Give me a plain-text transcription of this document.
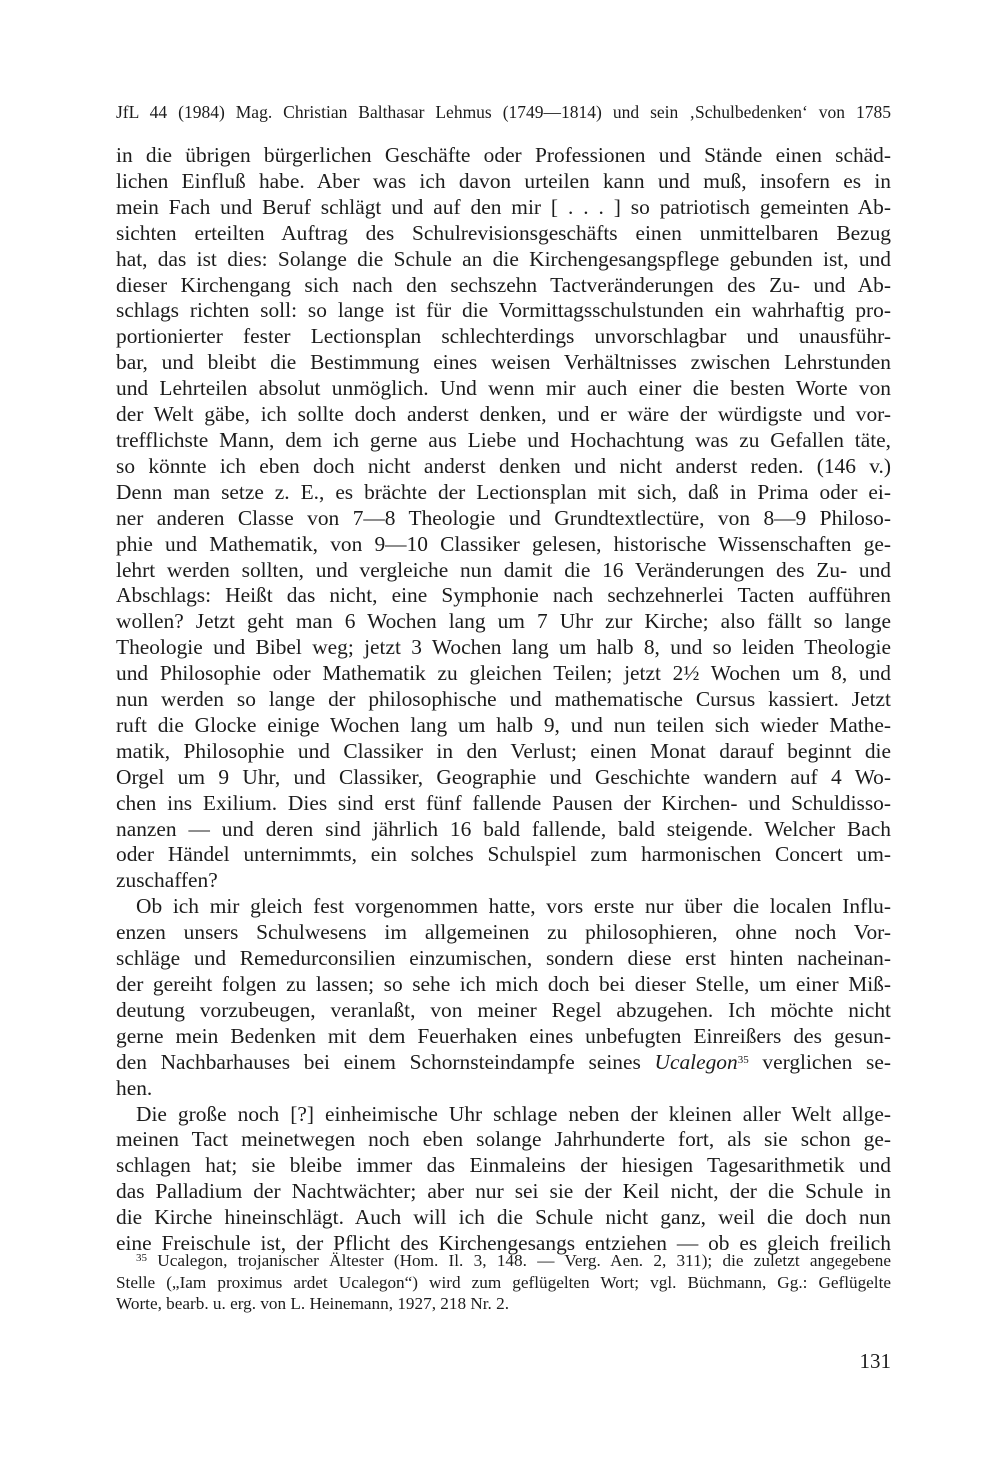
JfL 44 (1984) Mag. Christian Balthasar Lehmus (1749—1814) und sein ‚Schulbedenken‘ von 1785

in die übrigen bürgerlichen Geschäfte oder Professionen und Stände einen schäd-
lichen Einfluß habe. Aber was ich davon urteilen kann und muß, insofern es in
mein Fach und Beruf schlägt und auf den mir [ . . . ] so patriotisch gemeinten Ab-
sichten erteilten Auftrag des Schulrevisionsgeschäfts einen unmittelbaren Bezug
hat, das ist dies: Solange die Schule an die Kirchengesangspflege gebunden ist, und
dieser Kirchengang sich nach den sechszehn Tactveränderungen des Zu- und Ab-
schlags richten soll: so lange ist für die Vormittagsschulstunden ein wahrhaftig pro-
portionierter fester Lectionsplan schlechterdings unvorschlagbar und unausführ-
bar, und bleibt die Bestimmung eines weisen Verhältnisses zwischen Lehrstunden
und Lehrteilen absolut unmöglich. Und wenn mir auch einer die besten Worte von
der Welt gäbe, ich sollte doch anderst denken, und er wäre der würdigste und vor-
trefflichste Mann, dem ich gerne aus Liebe und Hochachtung was zu Gefallen täte,
so könnte ich eben doch nicht anderst denken und nicht anderst reden. (146 v.)
Denn man setze z. E., es brächte der Lectionsplan mit sich, daß in Prima oder ei-
ner anderen Classe von 7—8 Theologie und Grundtextlectüre, von 8—9 Philoso-
phie und Mathematik, von 9—10 Classiker gelesen, historische Wissenschaften ge-
lehrt werden sollten, und vergleiche nun damit die 16 Veränderungen des Zu- und
Abschlags: Heißt das nicht, eine Symphonie nach sechzehnerlei Tacten aufführen
wollen? Jetzt geht man 6 Wochen lang um 7 Uhr zur Kirche; also fällt so lange
Theologie und Bibel weg; jetzt 3 Wochen lang um halb 8, und so leiden Theologie
und Philosophie oder Mathematik zu gleichen Teilen; jetzt 2½ Wochen um 8, und
nun werden so lange der philosophische und mathematische Cursus kassiert. Jetzt
ruft die Glocke einige Wochen lang um halb 9, und nun teilen sich wieder Mathe-
matik, Philosophie und Classiker in den Verlust; einen Monat darauf beginnt die
Orgel um 9 Uhr, und Classiker, Geographie und Geschichte wandern auf 4 Wo-
chen ins Exilium. Dies sind erst fünf fallende Pausen der Kirchen- und Schuldisso-
nanzen — und deren sind jährlich 16 bald fallende, bald steigende. Welcher Bach
oder Händel unternimmts, ein solches Schulspiel zum harmonischen Concert um-
zuschaffen?

Ob ich mir gleich fest vorgenommen hatte, vors erste nur über die localen Influ-
enzen unsers Schulwesens im allgemeinen zu philosophieren, ohne noch Vor-
schläge und Remedurconsilien einzumischen, sondern diese erst hinten nacheinan-
der gereiht folgen zu lassen; so sehe ich mich doch bei dieser Stelle, um einer Miß-
deutung vorzubeugen, veranlaßt, von meiner Regel abzugehen. Ich möchte nicht
gerne mein Bedenken mit dem Feuerhaken eines unbefugten Einreißers des gesun-
den Nachbarhauses bei einem Schornsteindampfe seines Ucalegon$^{35}$ verglichen se-
hen.

Die große noch [?] einheimische Uhr schlage neben der kleinen aller Welt allge-
meinen Tact meinetwegen noch eben solange Jahrhunderte fort, als sie schon ge-
schlagen hat; sie bleibe immer das Einmaleins der hiesigen Tagesarithmetik und
das Palladium der Nachtwächter; aber nur sei sie der Keil nicht, der die Schule in
die Kirche hineinschlägt. Auch will ich die Schule nicht ganz, weil die doch nun
eine Freischule ist, der Pflicht des Kirchengesangs entziehen — ob es gleich freilich

$^{35}$ Ucalegon, trojanischer Ältester (Hom. Il. 3, 148. — Verg. Aen. 2, 311); die zuletzt angegebene
Stelle („Iam proximus ardet Ucalegon“) wird zum geflügelten Wort; vgl. Büchmann, Gg.: Geflügelte
Worte, bearb. u. erg. von L. Heinemann, 1927, 218 Nr. 2.
131
